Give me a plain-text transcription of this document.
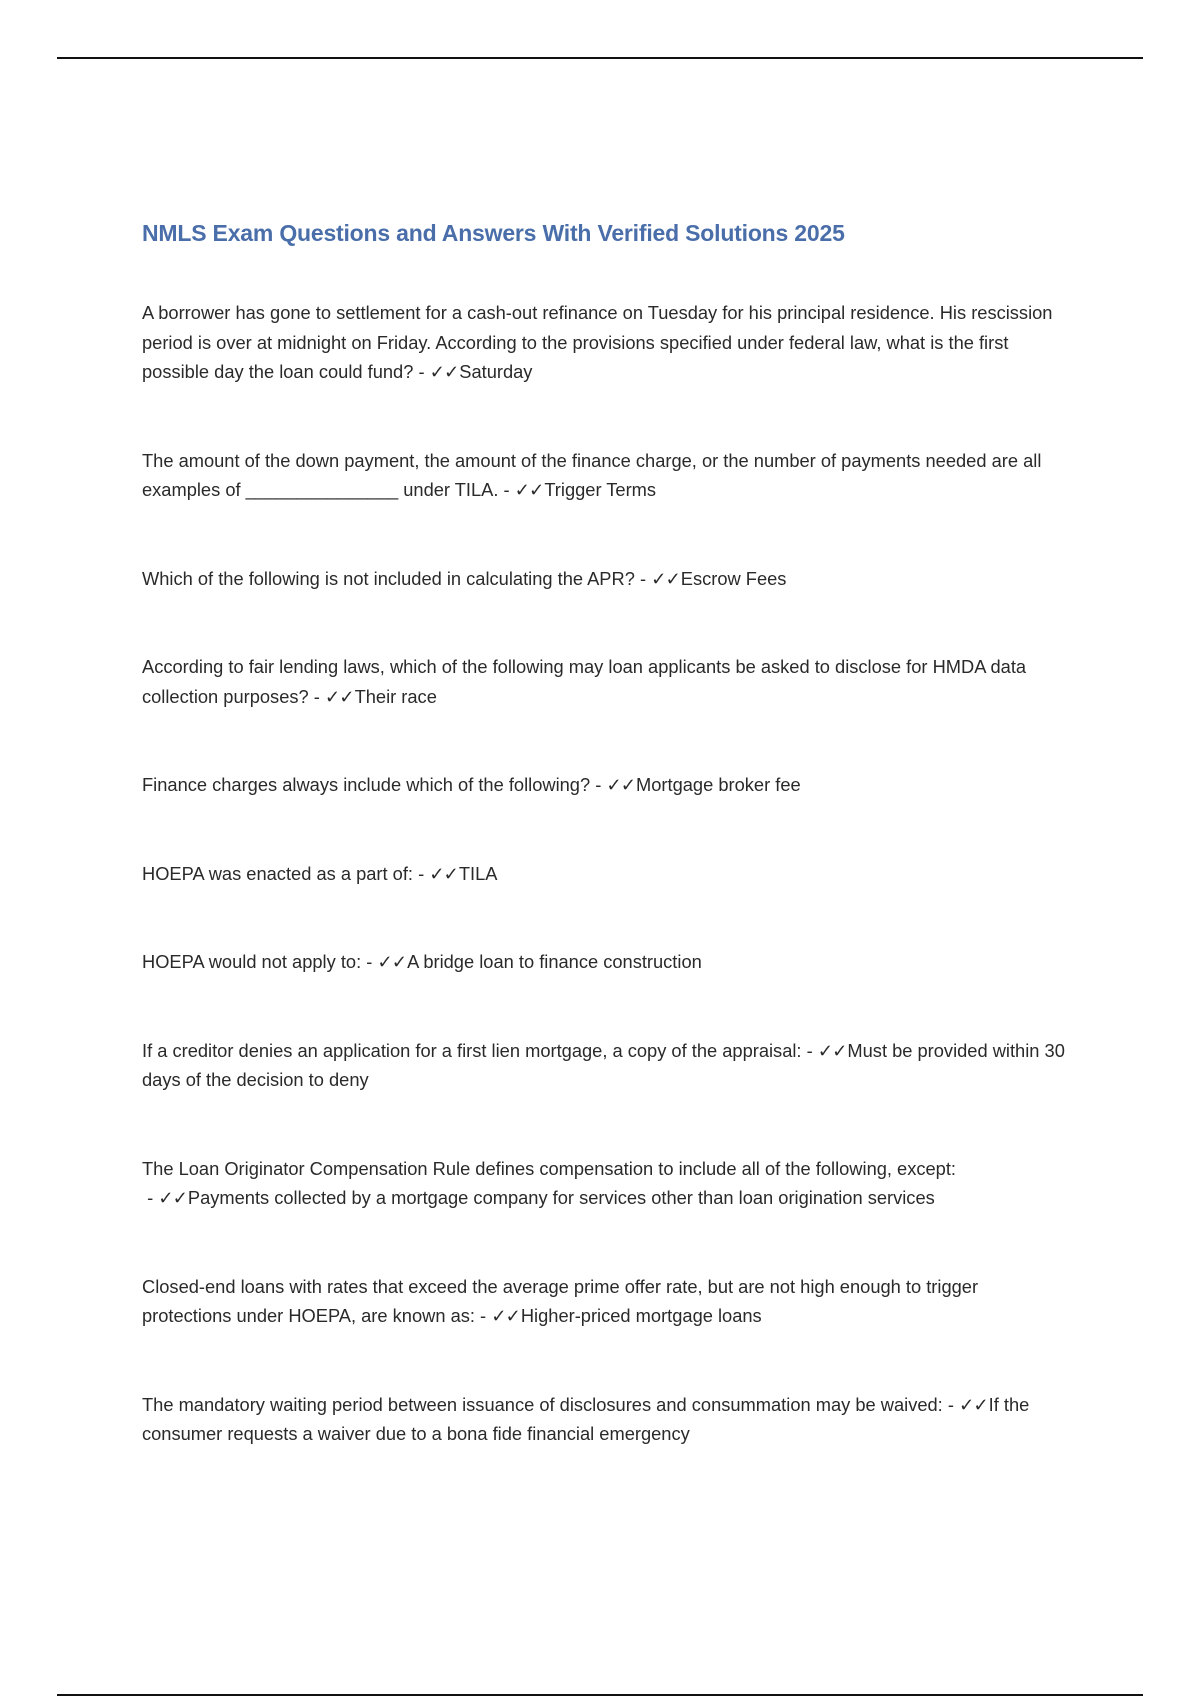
NMLS Exam Questions and Answers With Verified Solutions 2025

A borrower has gone to settlement for a cash-out refinance on Tuesday for his principal residence. His rescission period is over at midnight on Friday. According to the provisions specified under federal law, what is the first possible day the loan could fund? - ✓✓Saturday

The amount of the down payment, the amount of the finance charge, or the number of payments needed are all examples of _______________ under TILA. - ✓✓Trigger Terms

Which of the following is not included in calculating the APR? - ✓✓Escrow Fees

According to fair lending laws, which of the following may loan applicants be asked to disclose for HMDA data collection purposes? - ✓✓Their race

Finance charges always include which of the following? - ✓✓Mortgage broker fee

HOEPA was enacted as a part of: - ✓✓TILA

HOEPA would not apply to: - ✓✓A bridge loan to finance construction

If a creditor denies an application for a first lien mortgage, a copy of the appraisal: - ✓✓Must be provided within 30 days of the decision to deny

The Loan Originator Compensation Rule defines compensation to include all of the following, except: - ✓✓Payments collected by a mortgage company for services other than loan origination services

Closed-end loans with rates that exceed the average prime offer rate, but are not high enough to trigger protections under HOEPA, are known as: - ✓✓Higher-priced mortgage loans

The mandatory waiting period between issuance of disclosures and consummation may be waived: - ✓✓If the consumer requests a waiver due to a bona fide financial emergency
